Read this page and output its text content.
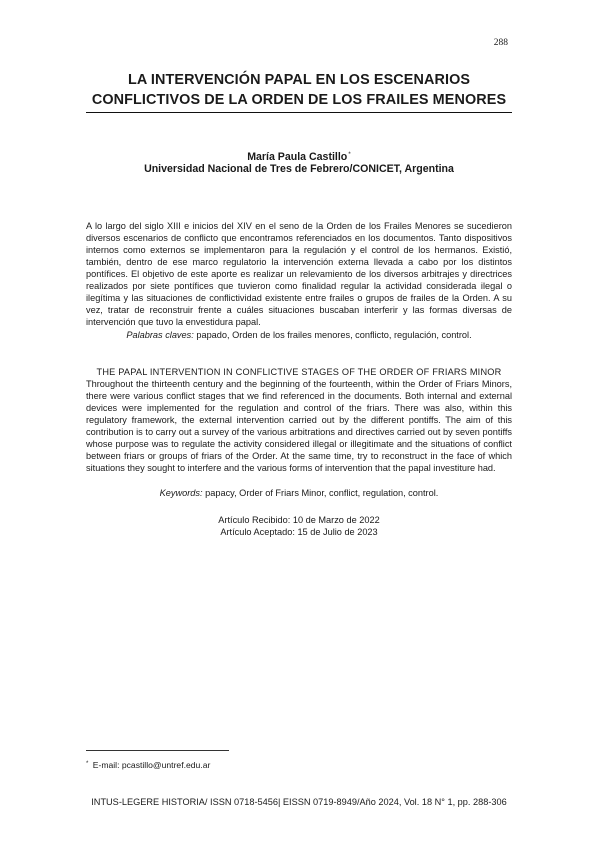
288
LA INTERVENCIÓN PAPAL EN LOS ESCENARIOS
CONFLICTIVOS DE LA ORDEN DE LOS FRAILES MENORES
María Paula Castillo*
Universidad Nacional de Tres de Febrero/CONICET, Argentina

A lo largo del siglo XIII e inicios del XIV en el seno de la Orden de los Frailes Menores se sucedieron diversos escenarios de conflicto que encontramos referenciados en los documentos. Tanto dispositivos internos como externos se implementaron para la regulación y el control de los hermanos. Existió, también, dentro de ese marco regulatorio la intervención externa llevada a cabo por los distintos pontífices. El objetivo de este aporte es realizar un relevamiento de los diversos arbitrajes y directrices realizados por siete pontífices que tuvieron como finalidad regular la actividad considerada ilegal o ilegítima y las situaciones de conflictividad existente entre frailes o grupos de frailes de la Orden. A su vez, tratar de reconstruir frente a cuáles situaciones buscaban interferir y las formas diversas de intervención que tuvo la envestidura papal.

Palabras claves: papado, Orden de los frailes menores, conflicto, regulación, control.

THE PAPAL INTERVENTION IN CONFLICTIVE STAGES OF THE ORDER OF FRIARS MINOR

Throughout the thirteenth century and the beginning of the fourteenth, within the Order of Friars Minors, there were various conflict stages that we find referenced in the documents. Both internal and external devices were implemented for the regulation and control of the friars. There was also, within this regulatory framework, the external intervention carried out by the different pontiffs. The aim of this contribution is to carry out a survey of the various arbitrations and directives carried out by seven pontiffs whose purpose was to regulate the activity considered illegal or illegitimate and the situations of conflict between friars or groups of friars of the Order. At the same time, try to reconstruct in the face of which situations they sought to interfere and the various forms of intervention that the papal investiture had.

Keywords: papacy, Order of Friars Minor, conflict, regulation, control.

Artículo Recibido: 10 de Marzo de 2022
Artículo Aceptado: 15 de Julio de 2023
* E-mail: pcastillo@untref.edu.ar
INTUS-LEGERE HISTORIA/ ISSN 0718-5456| EISSN 0719-8949/Año 2024, Vol. 18 N° 1, pp. 288-306
